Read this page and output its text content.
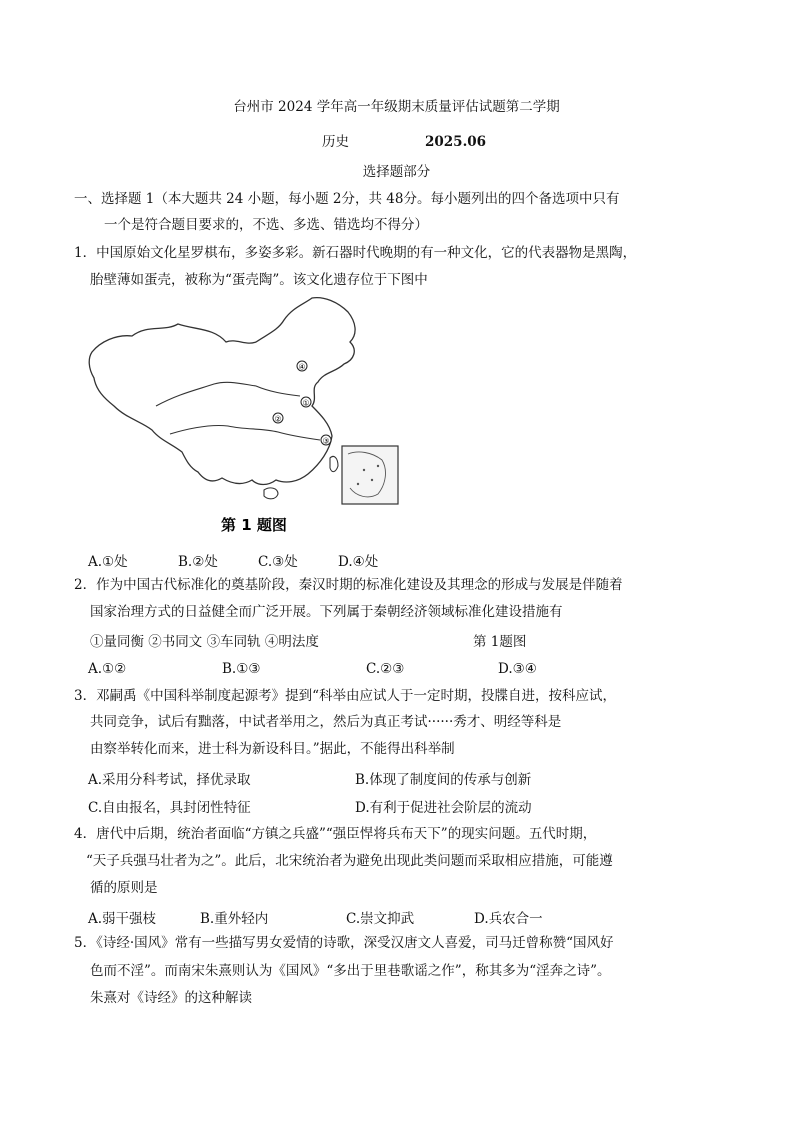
台州市 2024 学年高一年级期末质量评估试题第二学期
历史	2025.06
选择题部分
一、选择题 1（本大题共 24 小题，每小题 2分，共 48分。每小题列出的四个备选项中只有
一个是符合题目要求的，不选、多选、错选均不得分）
1．中国原始文化星罗棋布，多姿多彩。新石器时代晚期的有一种文化，它的代表器物是黑陶，
胎壁薄如蛋壳，被称为“蛋壳陶”。该文化遗存位于下图中
④
①
②
③
第 1 题图
A.①处	B.②处	C.③处	D.④处
2．作为中国古代标准化的奠基阶段，秦汉时期的标准化建设及其理念的形成与发展是伴随着
国家治理方式的日益健全而广泛开展。下列属于秦朝经济领域标准化建设措施有
①量同衡 ②书同文 ③车同轨 ④明法度	第 1题图
A.①②	B.①③	C.②③	D.③④
3．邓嗣禹《中国科举制度起源考》提到“科举由应试人于一定时期，投牒自进，按科应试，
共同竞争，试后有黜落，中试者举用之，然后为真正考试······秀才、明经等科是
由察举转化而来，进士科为新设科目。”据此，不能得出科举制
A.采用分科考试，择优录取	B.体现了制度间的传承与创新
C.自由报名，具封闭性特征	D.有利于促进社会阶层的流动
4．唐代中后期，统治者面临“方镇之兵盛”“强臣悍将兵布天下”的现实问题。五代时期，
“天子兵强马壮者为之”。此后，北宋统治者为避免出现此类问题而采取相应措施，可能遵
循的原则是
A.弱干强枝	B.重外轻内	C.崇文抑武	D.兵农合一
5．《诗经·国风》常有一些描写男女爱情的诗歌，深受汉唐文人喜爱，司马迁曾称赞“国风好
色而不淫”。而南宋朱熹则认为《国风》“多出于里巷歌谣之作”，称其多为“淫奔之诗”。
朱熹对《诗经》的这种解读
